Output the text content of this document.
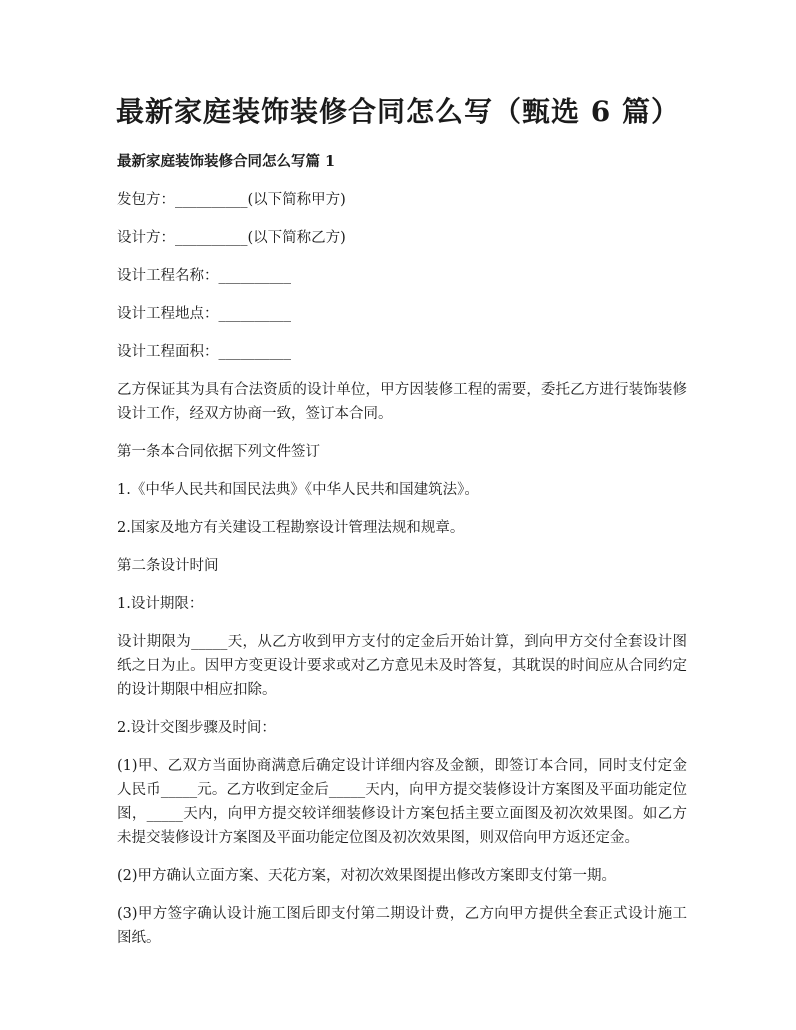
最新家庭装饰装修合同怎么写（甄选 6 篇）

最新家庭装饰装修合同怎么写篇 1

发包方：__________(以下简称甲方)

设计方：__________(以下简称乙方)

设计工程名称：__________

设计工程地点：__________

设计工程面积：__________

乙方保证其为具有合法资质的设计单位，甲方因装修工程的需要，委托乙方进行装饰装修设计工作，经双方协商一致，签订本合同。

第一条本合同依据下列文件签订

1.《中华人民共和国民法典》《中华人民共和国建筑法》。

2.国家及地方有关建设工程勘察设计管理法规和规章。

第二条设计时间

1.设计期限：

设计期限为_____天，从乙方收到甲方支付的定金后开始计算，到向甲方交付全套设计图纸之日为止。因甲方变更设计要求或对乙方意见未及时答复，其耽误的时间应从合同约定的设计期限中相应扣除。

2.设计交图步骤及时间：

(1)甲、乙双方当面协商满意后确定设计详细内容及金额，即签订本合同，同时支付定金人民币_____元。乙方收到定金后_____天内，向甲方提交装修设计方案图及平面功能定位图，_____天内，向甲方提交较详细装修设计方案包括主要立面图及初次效果图。如乙方未提交装修设计方案图及平面功能定位图及初次效果图，则双倍向甲方返还定金。

(2)甲方确认立面方案、天花方案，对初次效果图提出修改方案即支付第一期。

(3)甲方签字确认设计施工图后即支付第二期设计费，乙方向甲方提供全套正式设计施工图纸。
